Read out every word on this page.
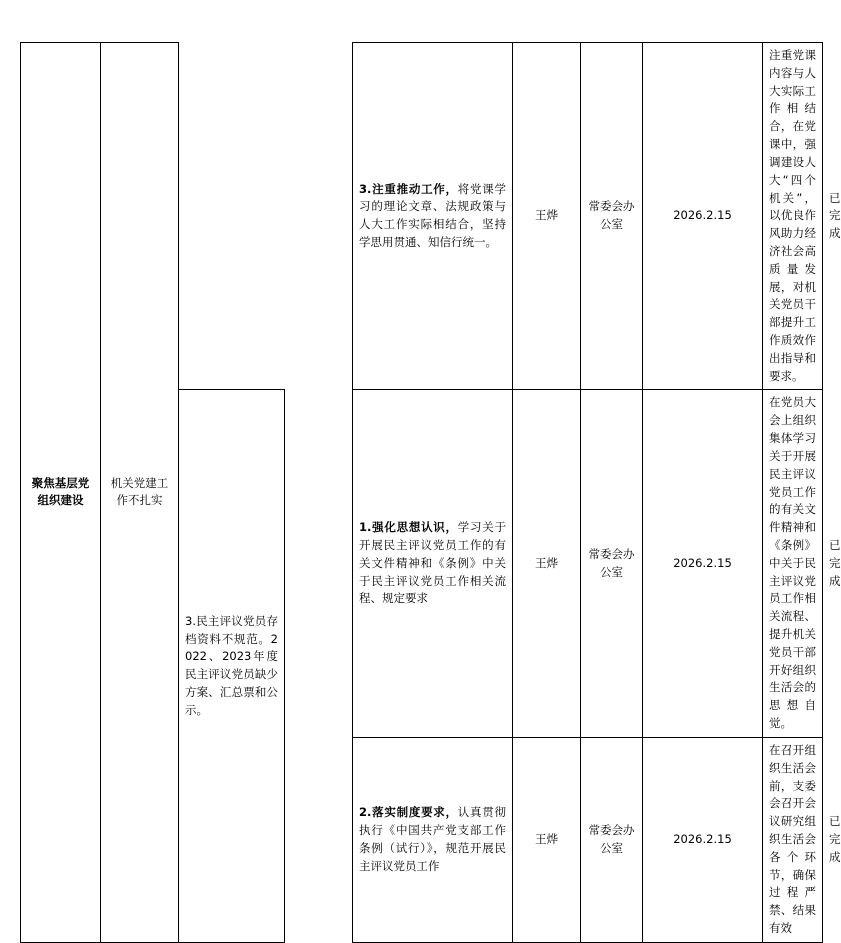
聚焦基层党组织建设	机关党建工作不扎实			3.注重推动工作，将党课学习的理论文章、法规政策与人大工作实际相结合，坚持学思用贯通、知信行统一。	王烨	常委会办公室	2026.2.15	注重党课内容与人大实际工作相结合，在党课中，强调建设人大“四个机关”，以优良作风助力经济社会高质量发展，对机关党员干部提升工作质效作出指导和要求。	已完成
		3.民主评议党员存档资料不规范。2022、2023年度民主评议党员缺少方案、汇总票和公示。		1.强化思想认识，学习关于开展民主评议党员工作的有关文件精神和《条例》中关于民主评议党员工作相关流程、规定要求	王烨	常委会办公室	2026.2.15	在党员大会上组织集体学习关于开展民主评议党员工作的有关文件精神和《条例》中关于民主评议党员工作相关流程、提升机关党员干部开好组织生活会的思想自觉。	已完成
				2.落实制度要求，认真贯彻执行《中国共产党支部工作条例（试行）》，规范开展民主评议党员工作	王烨	常委会办公室	2026.2.15	在召开组织生活会前，支委会召开会议研究组织生活会各个环节，确保过程严禁、结果有效	已完成
